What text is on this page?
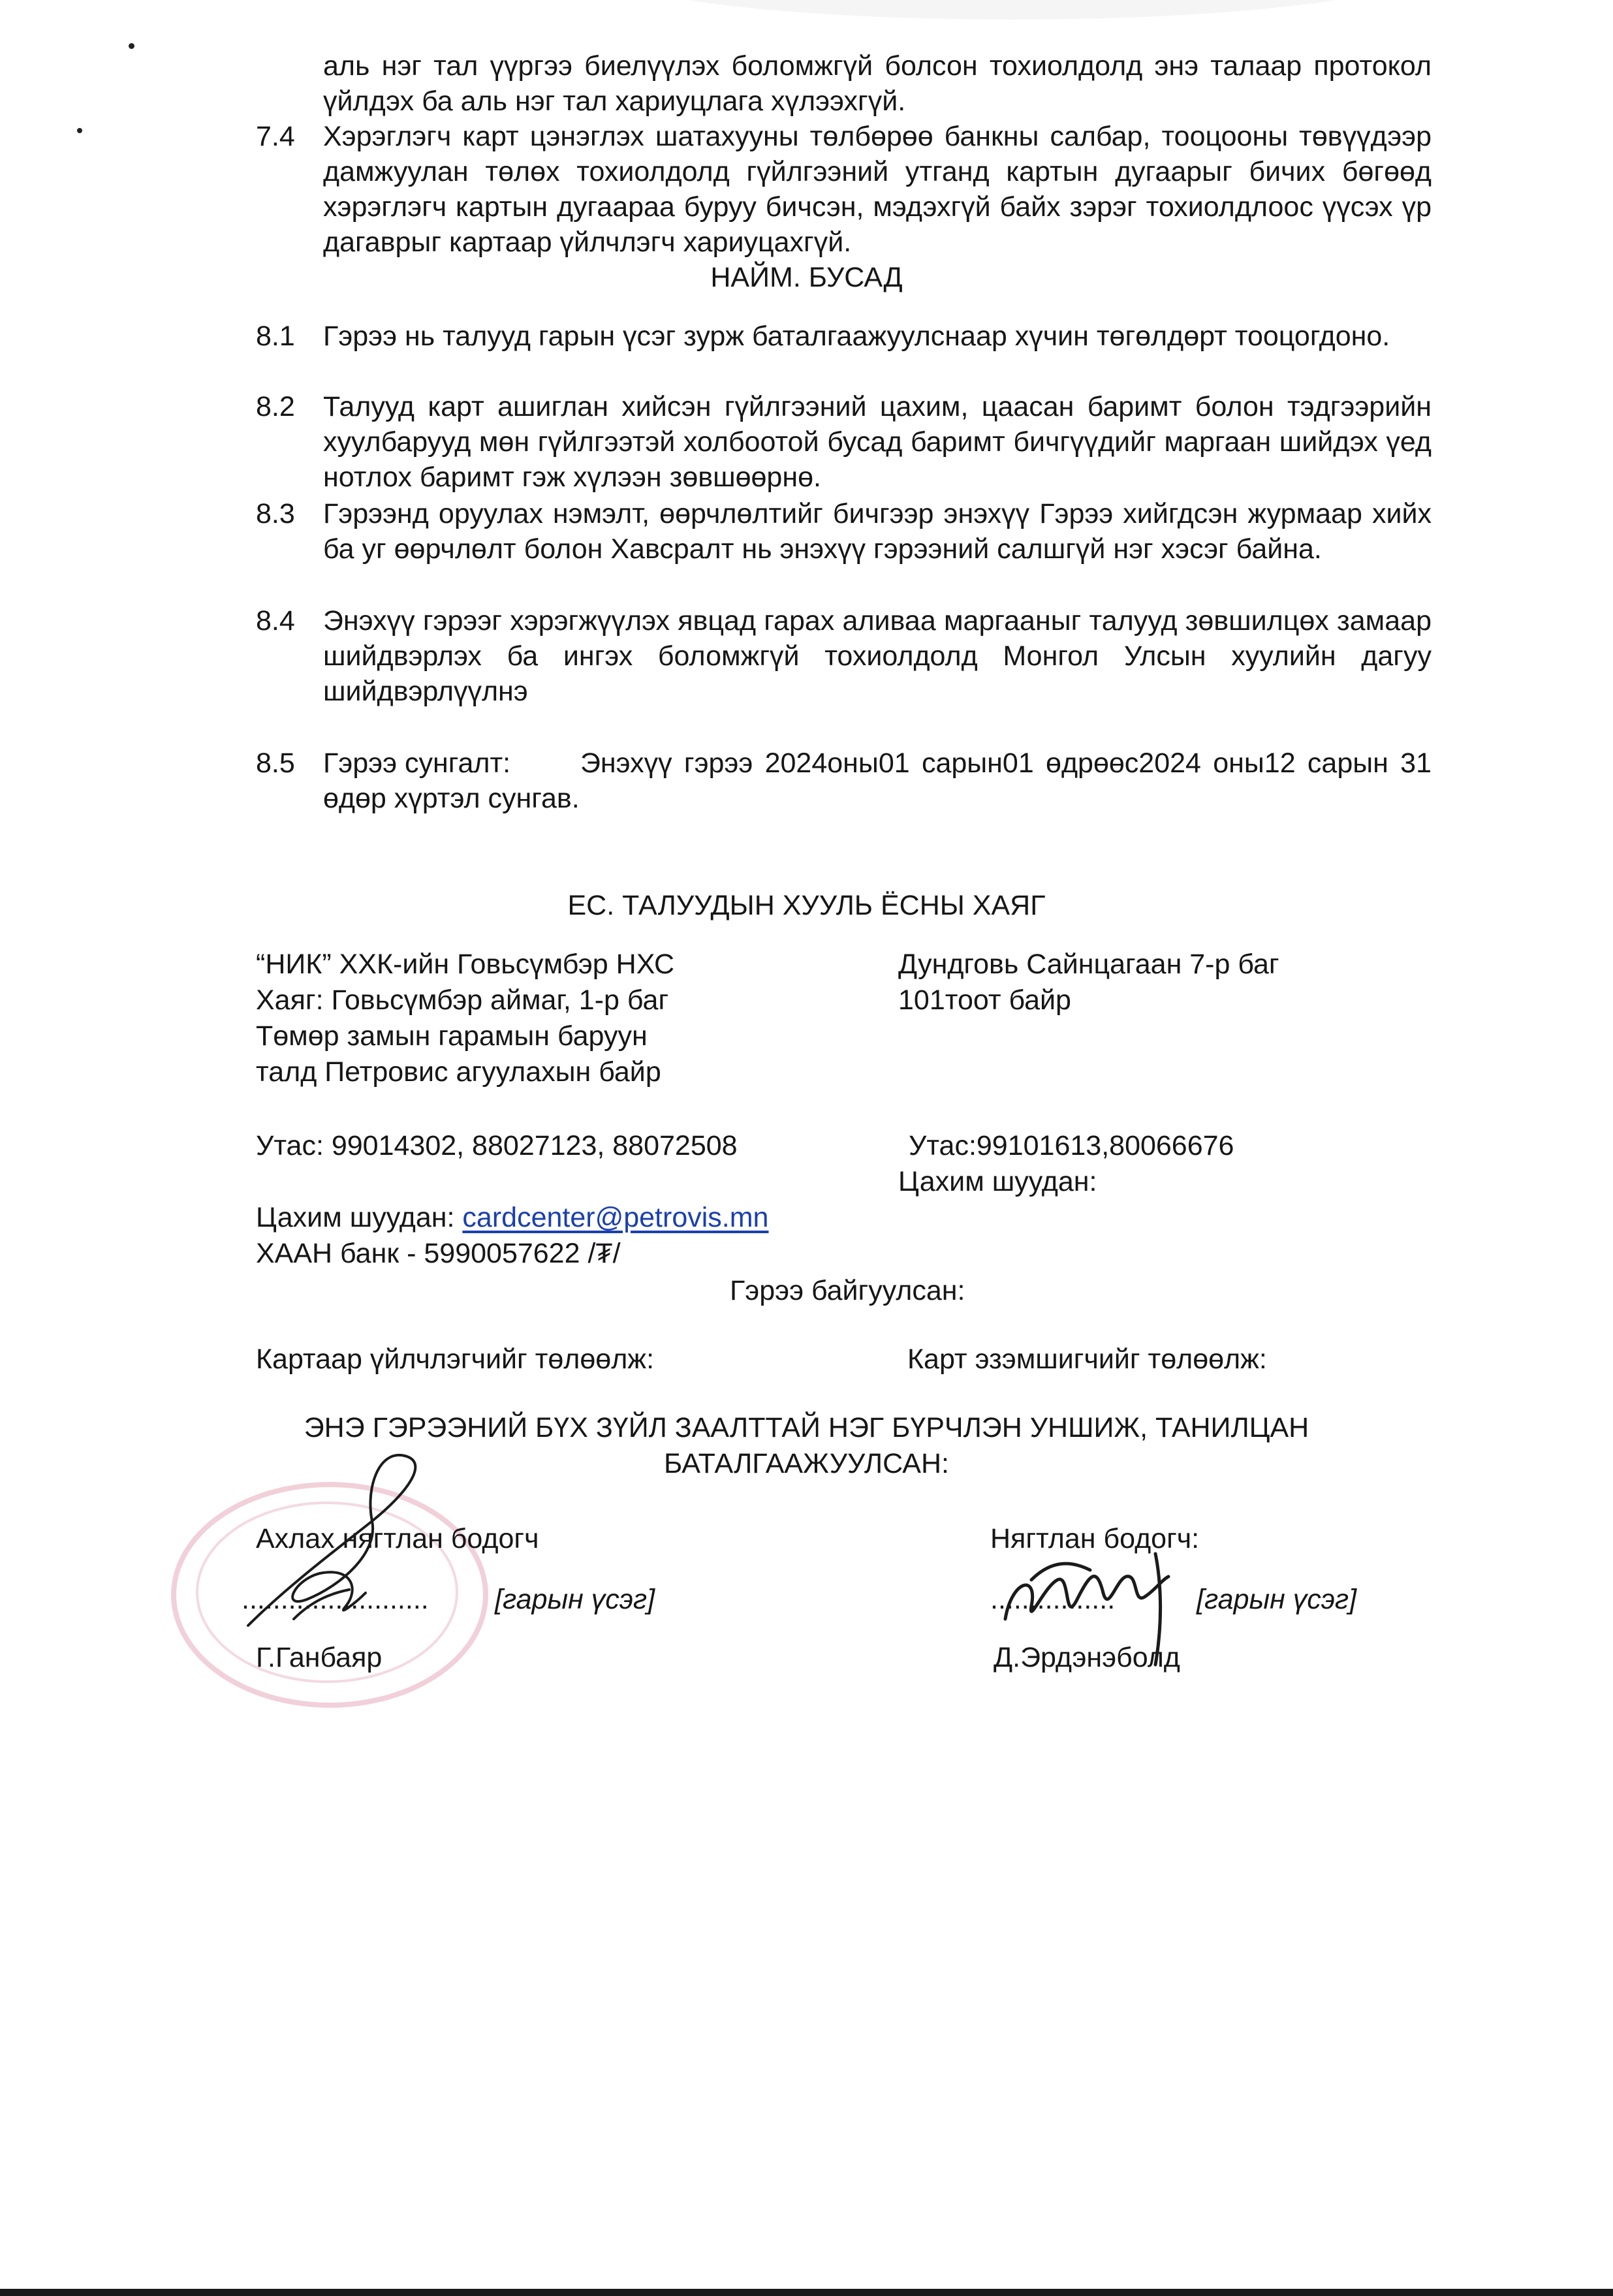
аль нэг тал үүргээ биелүүлэх боломжгүй болсон тохиолдолд энэ талаар протокол үйлдэх ба аль нэг тал хариуцлага хүлээхгүй.

7.4 Хэрэглэгч карт цэнэглэх шатахууны төлбөрөө банкны салбар, тооцооны төвүүдээр дамжуулан төлөх тохиолдолд гүйлгээний утганд картын дугаарыг бичих бөгөөд хэрэглэгч картын дугаараа буруу бичсэн, мэдэхгүй байх зэрэг тохиолдлоос үүсэх үр дагаврыг картаар үйлчлэгч хариуцахгүй.

НАЙМ. БУСАД
8.1 Гэрээ нь талууд гарын үсэг зурж баталгаажуулснаар хүчин төгөлдөрт тооцогдоно.

8.2 Талууд карт ашиглан хийсэн гүйлгээний цахим, цаасан баримт болон тэдгээрийн хуулбарууд мөн гүйлгээтэй холбоотой бусад баримт бичгүүдийг маргаан шийдэх үед нотлох баримт гэж хүлээн зөвшөөрнө.

8.3 Гэрээнд оруулах нэмэлт, өөрчлөлтийг бичгээр энэхүү Гэрээ хийгдсэн журмаар хийх ба уг өөрчлөлт болон Хавсралт нь энэхүү гэрээний салшгүй нэг хэсэг байна.

8.4 Энэхүү гэрээг хэрэгжүүлэх явцад гарах аливаа маргааныг талууд зөвшилцөх замаар шийдвэрлэх ба ингэх боломжгүй тохиолдолд Монгол Улсын хуулийн дагуу шийдвэрлүүлнэ

8.5 Гэрээ сунгалт:	Энэхүү гэрээ 2024оны01 сарын01 өдрөөс2024 оны12 сарын 31 өдөр хүртэл сунгав.

ЕС. ТАЛУУДЫН ХУУЛЬ ЁСНЫ ХАЯГ
“НИК” ХХК-ийн Говьсүмбэр НХС
Хаяг: Говьсүмбэр аймаг, 1-р баг
Төмөр замын гарамын баруун
талд Петровис агуулахын байр
Дундговь Сайнцагаан 7-р баг
101тоот байр
Утас: 99014302, 88027123, 88072508	Утас:99101613,80066676
Цахим шуудан:
Цахим шуудан: cardcenter@petrovis.mn
ХААН банк - 5990057622 /₮/
Гэрээ байгуулсан:
Картаар үйлчлэгчийг төлөөлж:	Карт эзэмшигчийг төлөөлж:
ЭНЭ ГЭРЭЭНИЙ БҮХ ЗҮЙЛ ЗААЛТТАЙ НЭГ БҮРЧЛЭН УНШИЖ, ТАНИЛЦАН
БАТАЛГААЖУУЛСАН:
Ахлах нягтлан бодогч
........................ [гарын үсэг]
Г.Ганбаяр
Нягтлан бодогч:
................	[гарын үсэг]
Д.Эрдэнэболд
